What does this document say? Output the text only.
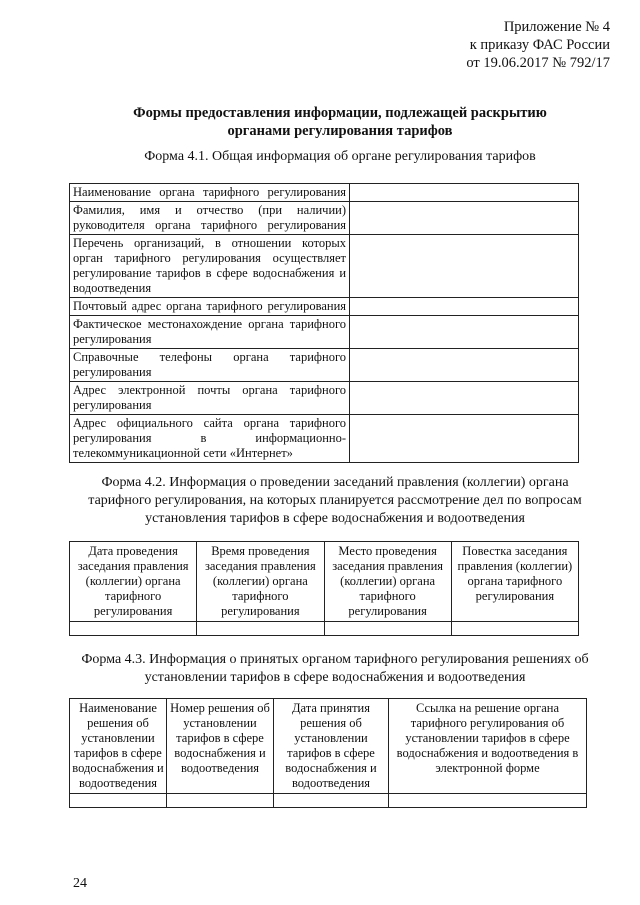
Приложение № 4
к приказу ФАС России
от 19.06.2017 № 792/17
Формы предоставления информации, подлежащей раскрытию
органами регулирования тарифов
Форма 4.1. Общая информация об органе регулирования тарифов
Наименование органа тарифного регулирования	
Фамилия, имя и отчество (при наличии) руководителя органа тарифного регулирования	
Перечень организаций, в отношении которых орган тарифного регулирования осуществляет регулирование тарифов в сфере водоснабжения и водоотведения	
Почтовый адрес органа тарифного регулирования	
Фактическое местонахождение органа тарифного регулирования	
Справочные телефоны органа тарифного регулирования	
Адрес электронной почты органа тарифного регулирования	
Адрес официального сайта органа тарифного регулирования в информационно-телекоммуникационной сети «Интернет»	
Форма 4.2. Информация о проведении заседаний правления (коллегии) органа тарифного регулирования, на которых планируется рассмотрение дел по вопросам установления тарифов в сфере водоснабжения и водоотведения
Дата проведения заседания правления (коллегии) органа тарифного регулирования	Время проведения заседания правления (коллегии) органа тарифного регулирования	Место проведения заседания правления (коллегии) органа тарифного регулирования	Повестка заседания правления (коллегии) органа тарифного регулирования

Форма 4.3. Информация о принятых органом тарифного регулирования решениях об установлении тарифов в сфере водоснабжения и водоотведения
Наименование решения об установлении тарифов в сфере водоснабжения и водоотведения	Номер решения об установлении тарифов в сфере водоснабжения и водоотведения	Дата принятия решения об установлении тарифов в сфере водоснабжения и водоотведения	Ссылка на решение органа тарифного регулирования об установлении тарифов в сфере водоснабжения и водоотведения в электронной форме

24
